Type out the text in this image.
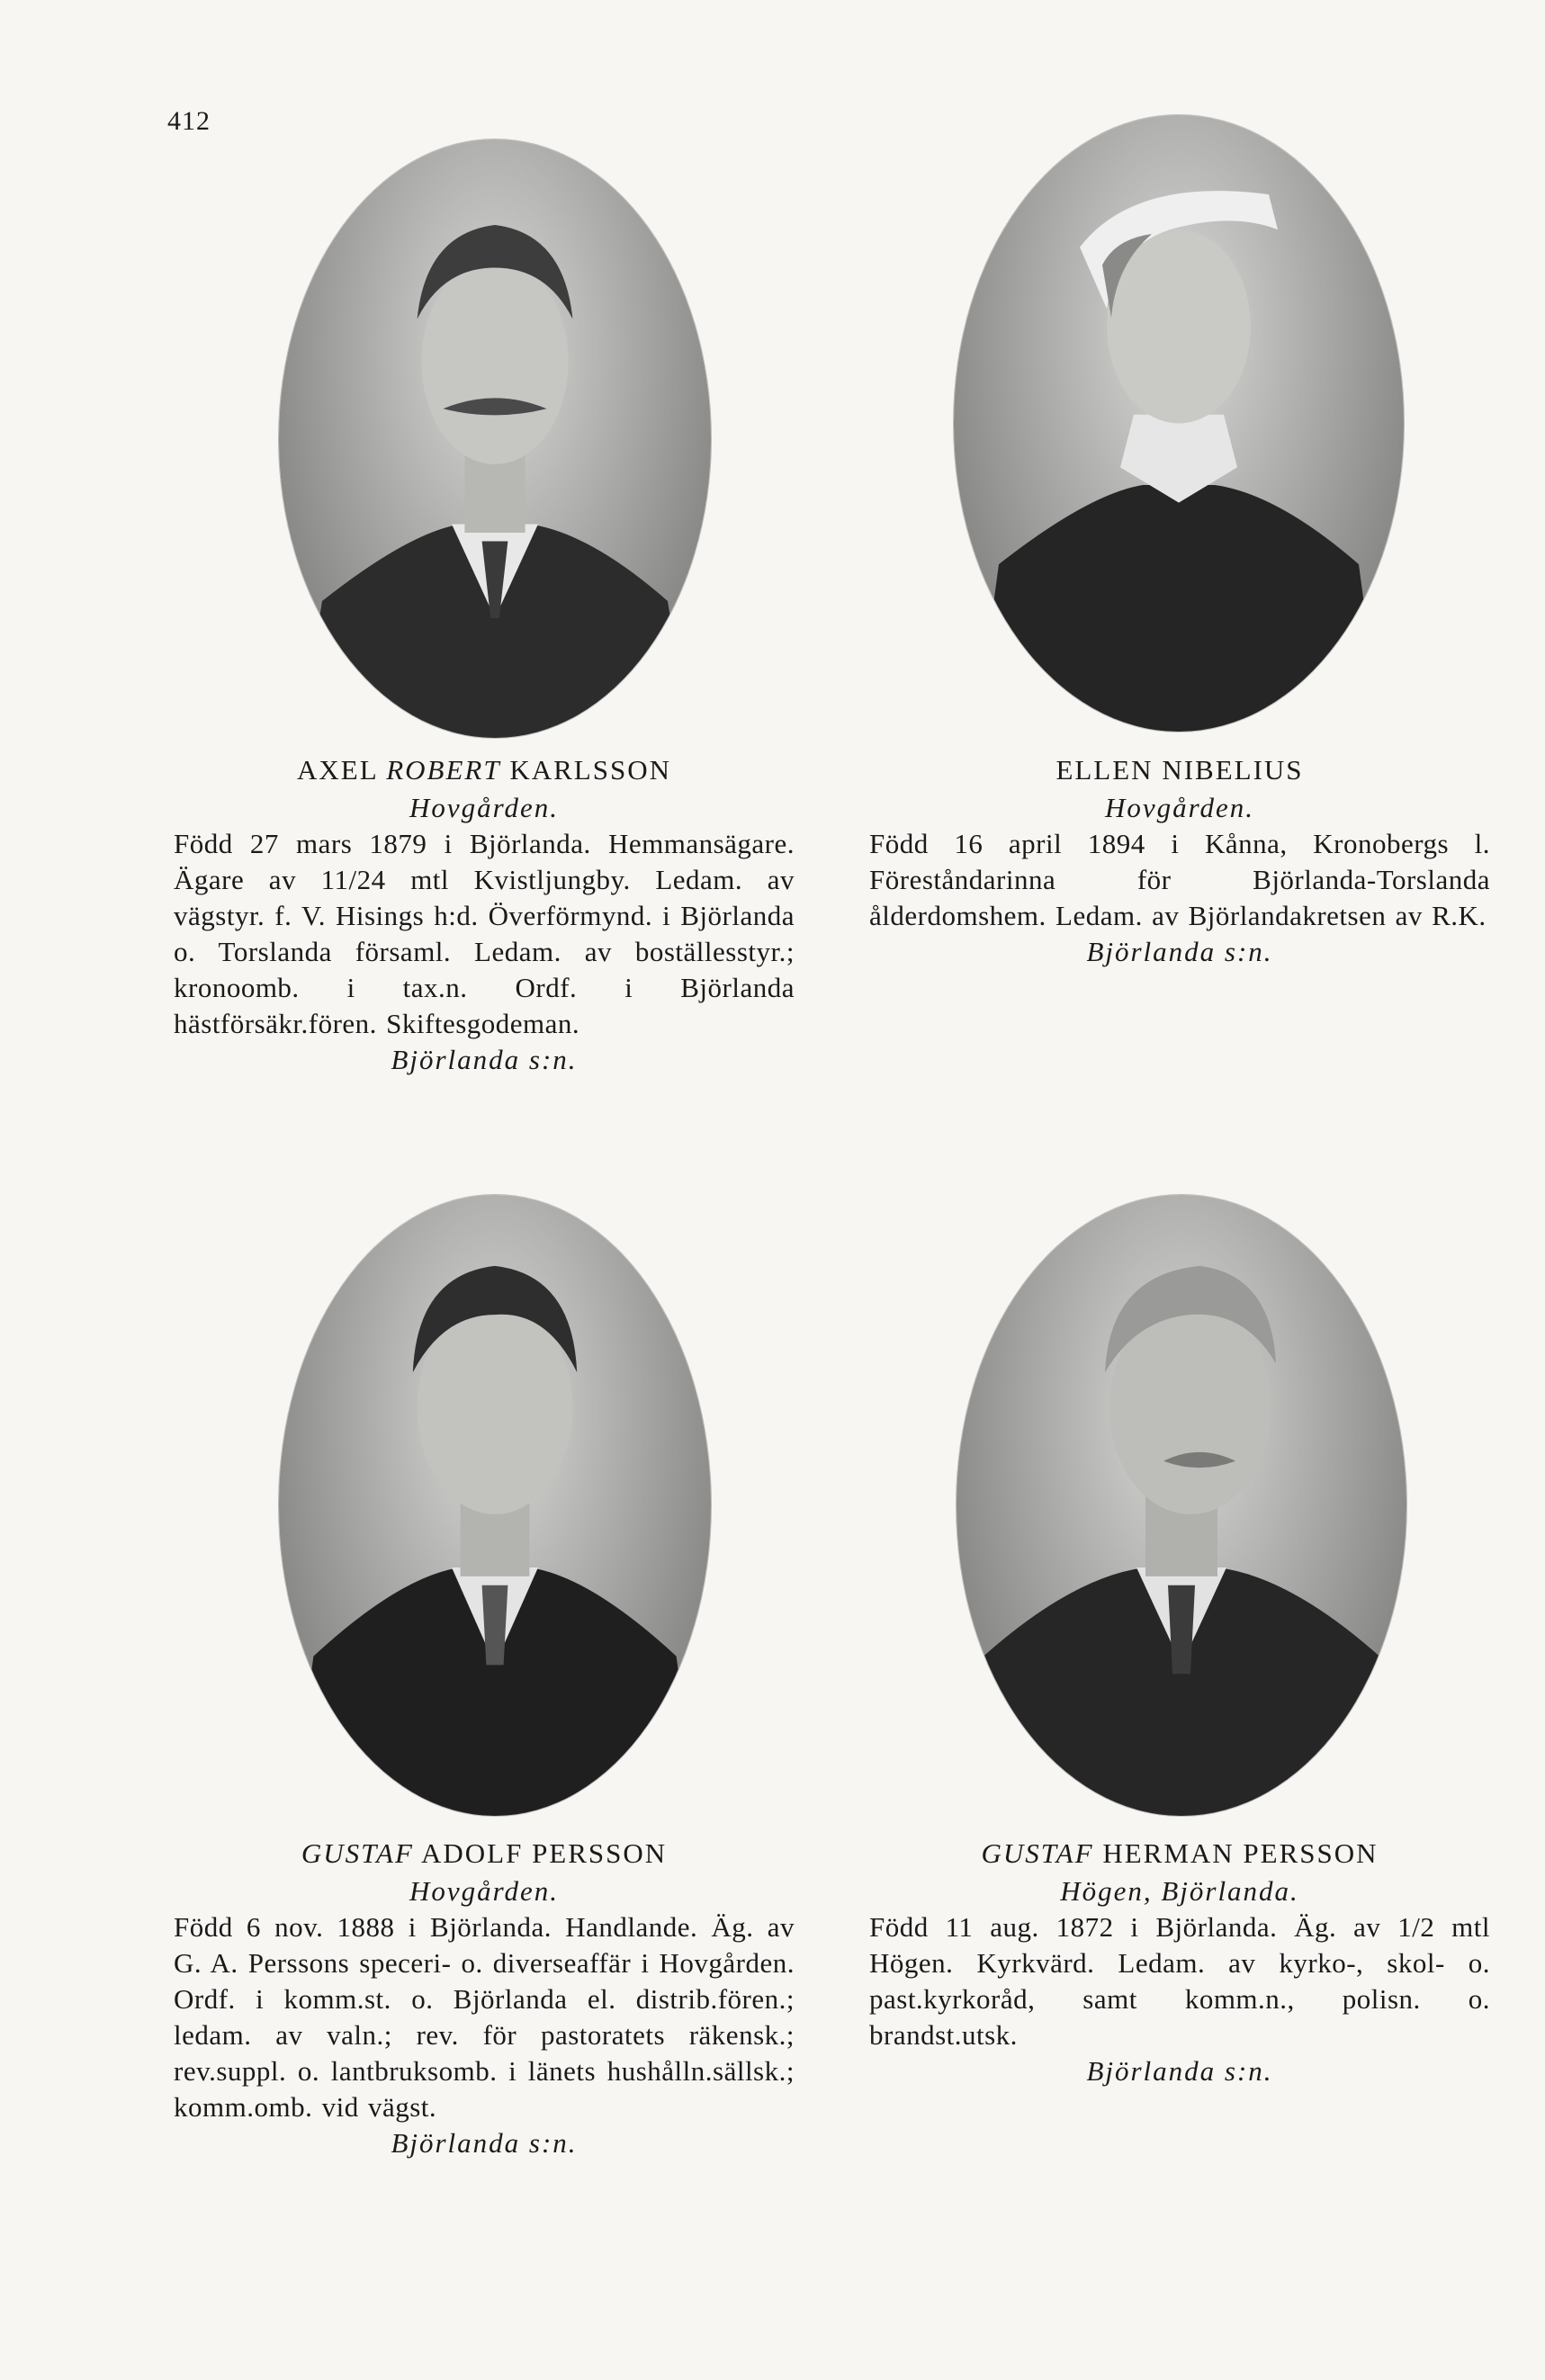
412
AXEL ROBERT KARLSSON
Hovgården.
Född 27 mars 1879 i Björlanda. Hemmansägare. Ägare av 11/24 mtl Kvistljungby. Ledam. av vägstyr. f. V. Hisings h:d. Överförmynd. i Björlanda o. Torslanda församl. Ledam. av boställesstyr.; kronoomb. i tax.n. Ordf. i Björlanda hästförsäkr.fören. Skiftesgodeman.
Björlanda s:n.
ELLEN NIBELIUS
Hovgården.
Född 16 april 1894 i Kånna, Kronobergs l. Föreståndarinna för Björlanda-Torslanda ålderdomshem. Ledam. av Björlandakretsen av R.K.
Björlanda s:n.
GUSTAF ADOLF PERSSON
Hovgården.
Född 6 nov. 1888 i Björlanda. Handlande. Äg. av G. A. Perssons speceri- o. diverseaffär i Hovgården. Ordf. i komm.st. o. Björlanda el. distrib.fören.; ledam. av valn.; rev. för pastoratets räkensk.; rev.suppl. o. lantbruksomb. i länets hushålln.sällsk.; komm.omb. vid vägst.
Björlanda s:n.
GUSTAF HERMAN PERSSON
Högen, Björlanda.
Född 11 aug. 1872 i Björlanda. Äg. av 1/2 mtl Högen. Kyrkvärd. Ledam. av kyrko-, skol- o. past.kyrkoråd, samt komm.n., polisn. o. brandst.utsk.
Björlanda s:n.
